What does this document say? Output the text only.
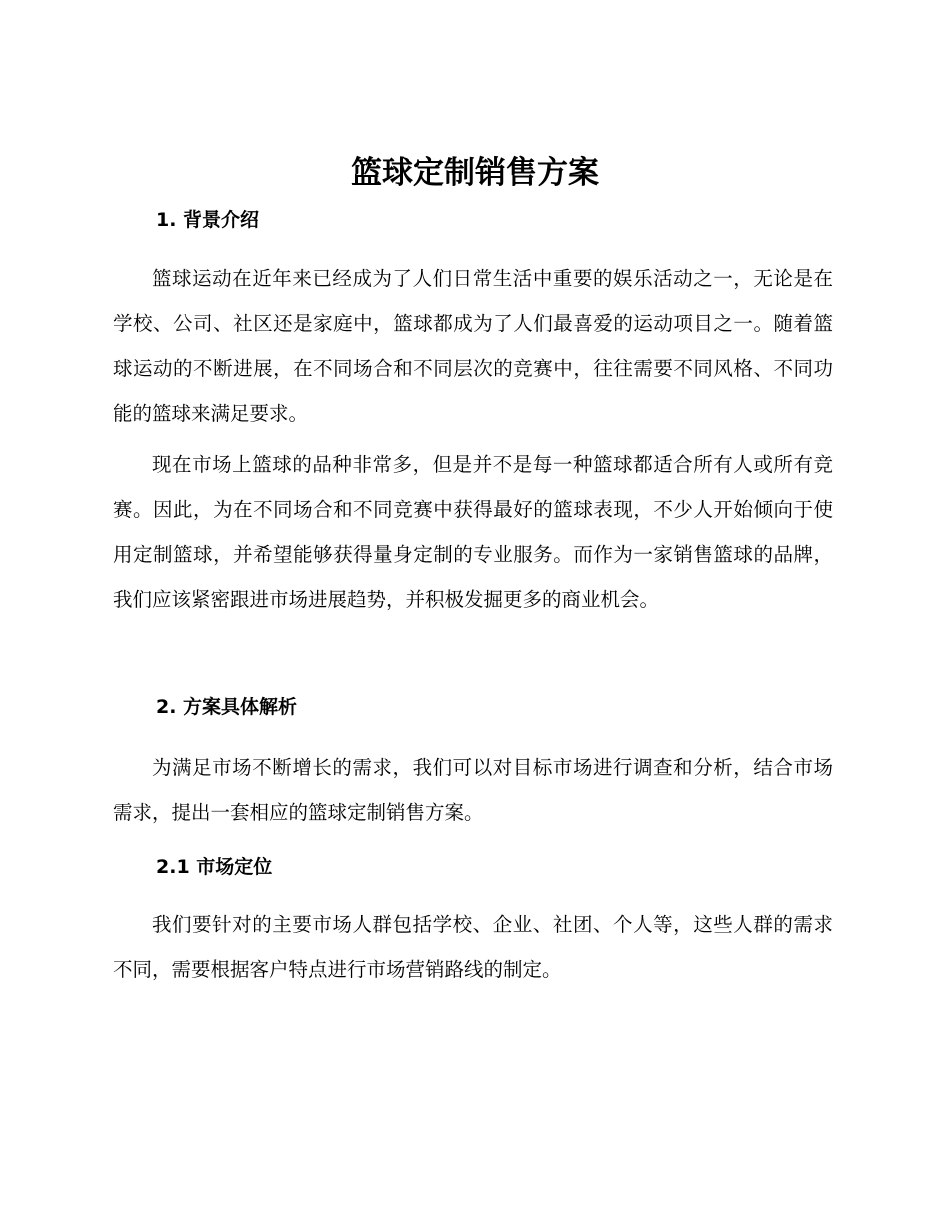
篮球定制销售方案
1. 背景介绍
篮球运动在近年来已经成为了人们日常生活中重要的娱乐活动之一，无论是在学校、公司、社区还是家庭中，篮球都成为了人们最喜爱的运动项目之一。随着篮球运动的不断进展，在不同场合和不同层次的竞赛中，往往需要不同风格、不同功能的篮球来满足要求。
现在市场上篮球的品种非常多，但是并不是每一种篮球都适合所有人或所有竞赛。因此，为在不同场合和不同竞赛中获得最好的篮球表现，不少人开始倾向于使用定制篮球，并希望能够获得量身定制的专业服务。而作为一家销售篮球的品牌，我们应该紧密跟进市场进展趋势，并积极发掘更多的商业机会。
2. 方案具体解析
为满足市场不断增长的需求，我们可以对目标市场进行调查和分析，结合市场需求，提出一套相应的篮球定制销售方案。
2.1 市场定位
我们要针对的主要市场人群包括学校、企业、社团、个人等，这些人群的需求不同，需要根据客户特点进行市场营销路线的制定。
